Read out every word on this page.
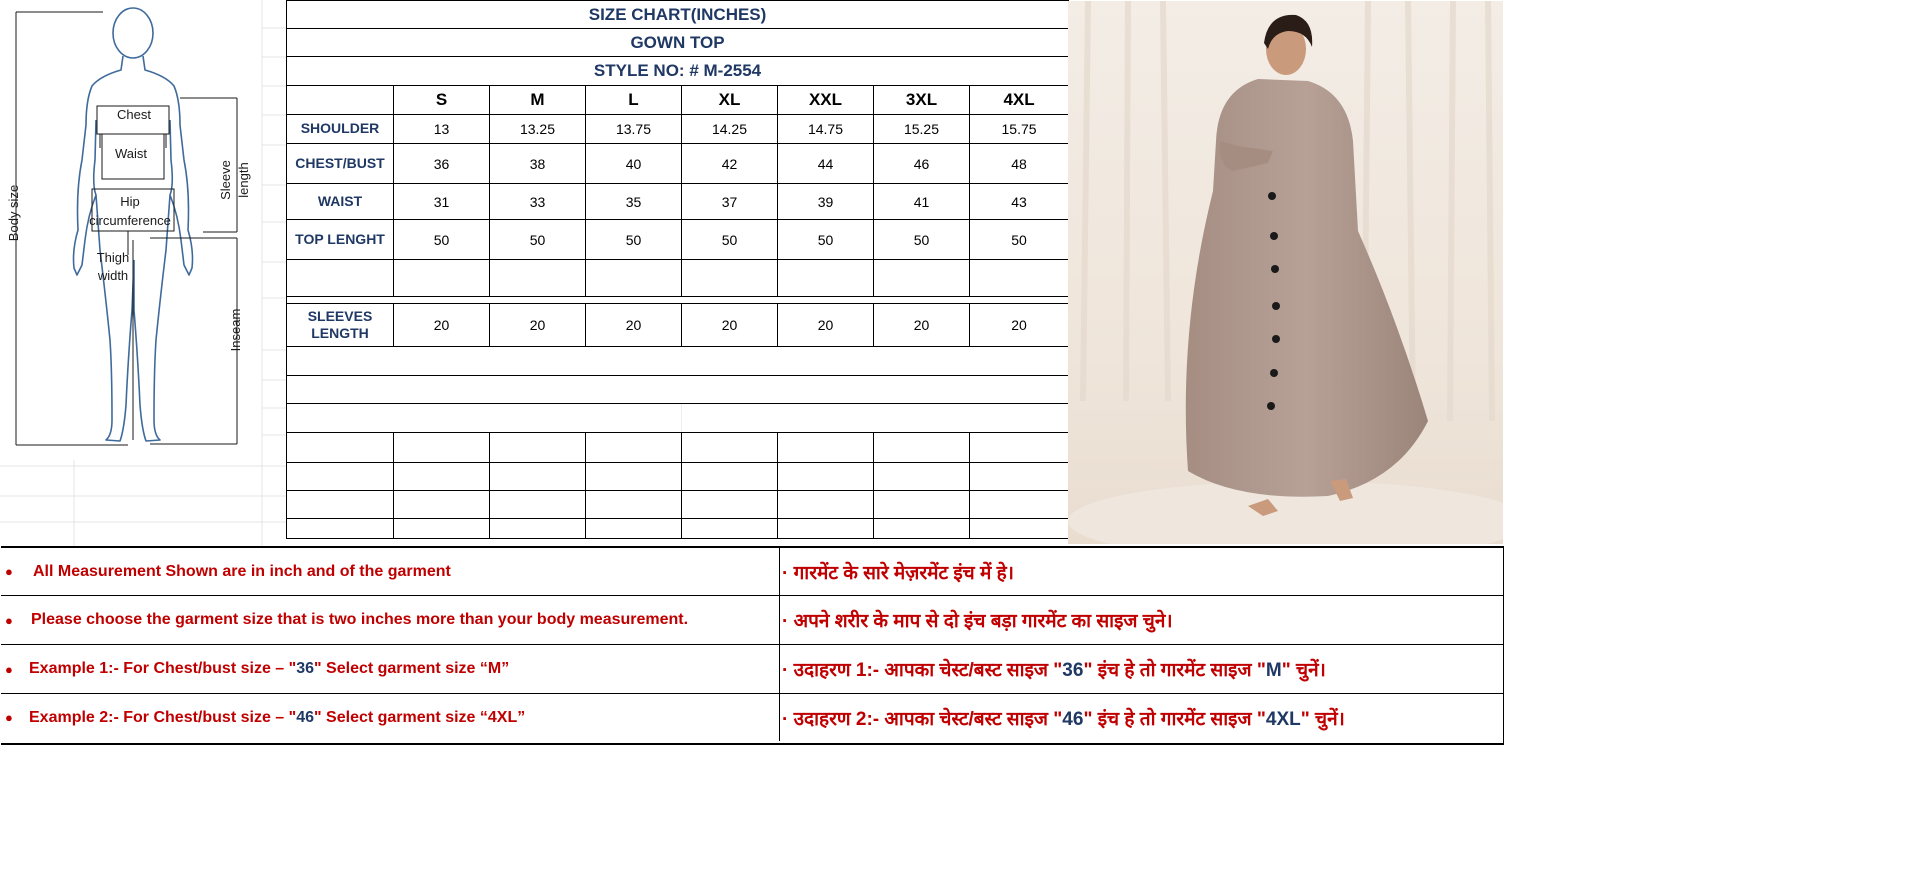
Chest
Waist
Hip
circumference
Thigh
width
Body size
Sleeve length
Inseam
SIZE CHART(INCHES)							
GOWN TOP							
STYLE NO: # M-2554							
	S	M	L	XL	XXL	3XL	4XL
SHOULDER	13	13.25	13.75	14.25	14.75	15.25	15.75
CHEST/BUST	36	38	40	42	44	46	48
WAIST	31	33	35	37	39	41	43
TOP LENGHT	50	50	50	50	50	50	50

SLEEVES
LENGTH	20	20	20	20	20	20	20

●	All Measurement Shown are in inch and of the garment	· गारमेंट के सारे मेज़रमेंट इंच में हे।
●	Please choose the garment size that is two inches more than your body measurement.	· अपने शरीर के माप से दो इंच बड़ा गारमेंट का साइज चुने।
●	Example 1:- For Chest/bust size – "36" Select garment size “M”	· उदाहरण 1:- आपका चेस्ट/बस्ट साइज "36" इंच हे तो गारमेंट साइज "M" चुनें।
●	Example 2:- For Chest/bust size – "46" Select garment size “4XL”	· उदाहरण 2:- आपका चेस्ट/बस्ट साइज "46" इंच हे तो गारमेंट साइज "4XL" चुनें।
